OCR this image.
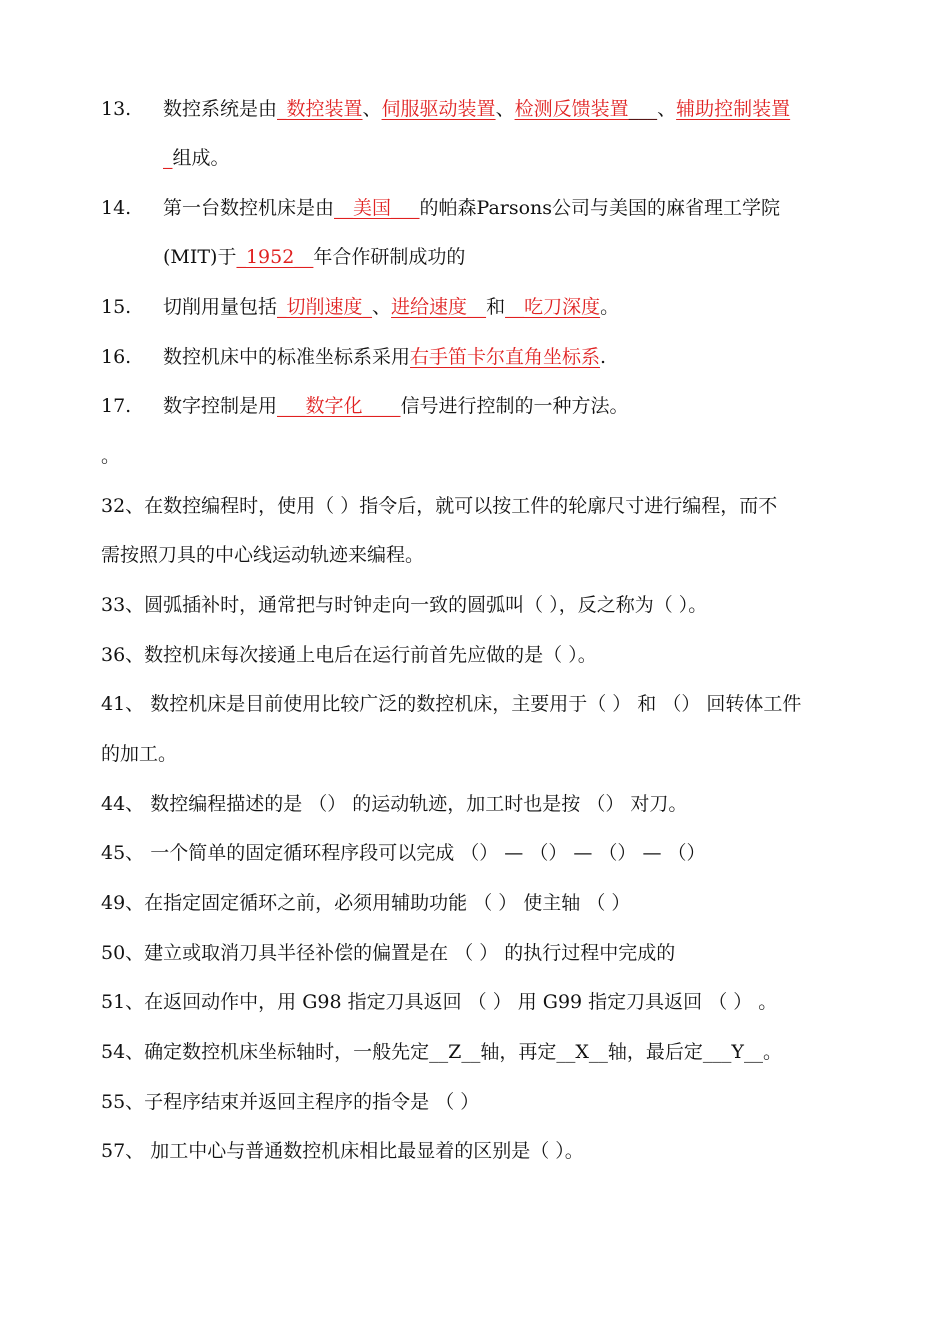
13. 数控系统是由_数控装置、伺服驱动装置、检测反馈装置___、辅助控制装置
_组成。
14. 第一台数控机床是由__美国___的帕森Parsons公司与美国的麻省理工学院
(MIT)于_1952__年合作研制成功的
15. 切削用量包括_切削速度_、进给速度__和__吃刀深度。
16. 数控机床中的标准坐标系采用右手笛卡尔直角坐标系.
17. 数字控制是用___数字化____信号进行控制的一种方法。
。
32、在数控编程时，使用（ ）指令后，就可以按工件的轮廓尺寸进行编程，而不
需按照刀具的中心线运动轨迹来编程。
33、圆弧插补时，通常把与时钟走向一致的圆弧叫（ ），反之称为（ ）。
36、数控机床每次接通上电后在运行前首先应做的是（ ）。
41、 数控机床是目前使用比较广泛的数控机床，主要用于（ ） 和 （） 回转体工件
的加工。
44、 数控编程描述的是 （） 的运动轨迹，加工时也是按 （） 对刀。
45、 一个简单的固定循环程序段可以完成 （） — （） — （） — （）
49、在指定固定循环之前，必须用辅助功能 （ ） 使主轴 （ ）
50、建立或取消刀具半径补偿的偏置是在 （ ） 的执行过程中完成的
51、在返回动作中，用 G98 指定刀具返回 （ ） 用 G99 指定刀具返回 （ ） 。
54、确定数控机床坐标轴时，一般先定__Z__轴，再定__X__轴，最后定___Y__。
55、子程序结束并返回主程序的指令是 （ ）
57、 加工中心与普通数控机床相比最显着的区别是（ ）。
